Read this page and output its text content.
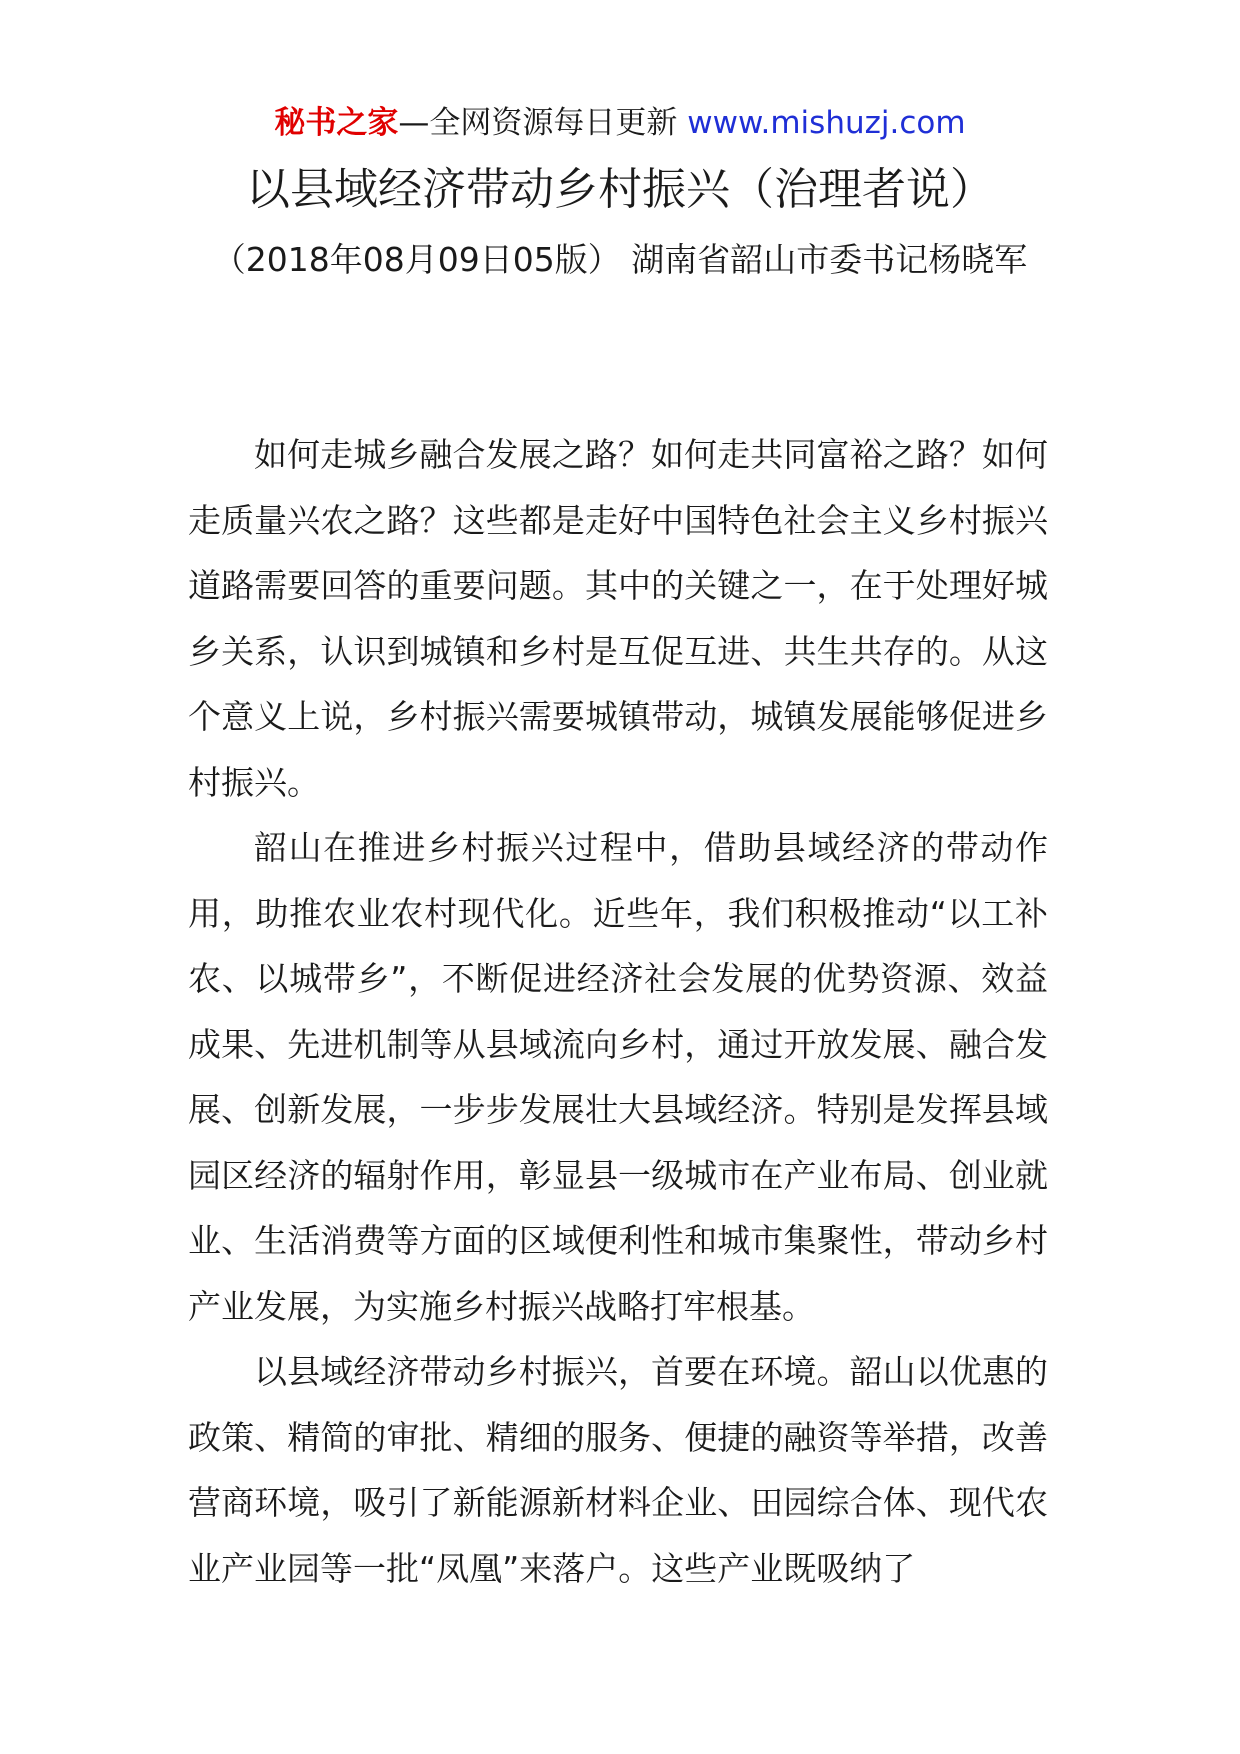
秘书之家—全网资源每日更新 www.mishuzj.com
以县域经济带动乡村振兴（治理者说）
（2018年08月09日05版） 湖南省韶山市委书记杨晓军

如何走城乡融合发展之路？如何走共同富裕之路？如何走质量兴农之路？这些都是走好中国特色社会主义乡村振兴道路需要回答的重要问题。其中的关键之一，在于处理好城乡关系，认识到城镇和乡村是互促互进、共生共存的。从这个意义上说，乡村振兴需要城镇带动，城镇发展能够促进乡村振兴。

韶山在推进乡村振兴过程中，借助县域经济的带动作用，助推农业农村现代化。近些年，我们积极推动“以工补农、以城带乡”，不断促进经济社会发展的优势资源、效益成果、先进机制等从县域流向乡村，通过开放发展、融合发展、创新发展，一步步发展壮大县域经济。特别是发挥县域园区经济的辐射作用，彰显县一级城市在产业布局、创业就业、生活消费等方面的区域便利性和城市集聚性，带动乡村产业发展，为实施乡村振兴战略打牢根基。

以县域经济带动乡村振兴，首要在环境。韶山以优惠的政策、精简的审批、精细的服务、便捷的融资等举措，改善营商环境，吸引了新能源新材料企业、田园综合体、现代农业产业园等一批“凤凰”来落户。这些产业既吸纳了
